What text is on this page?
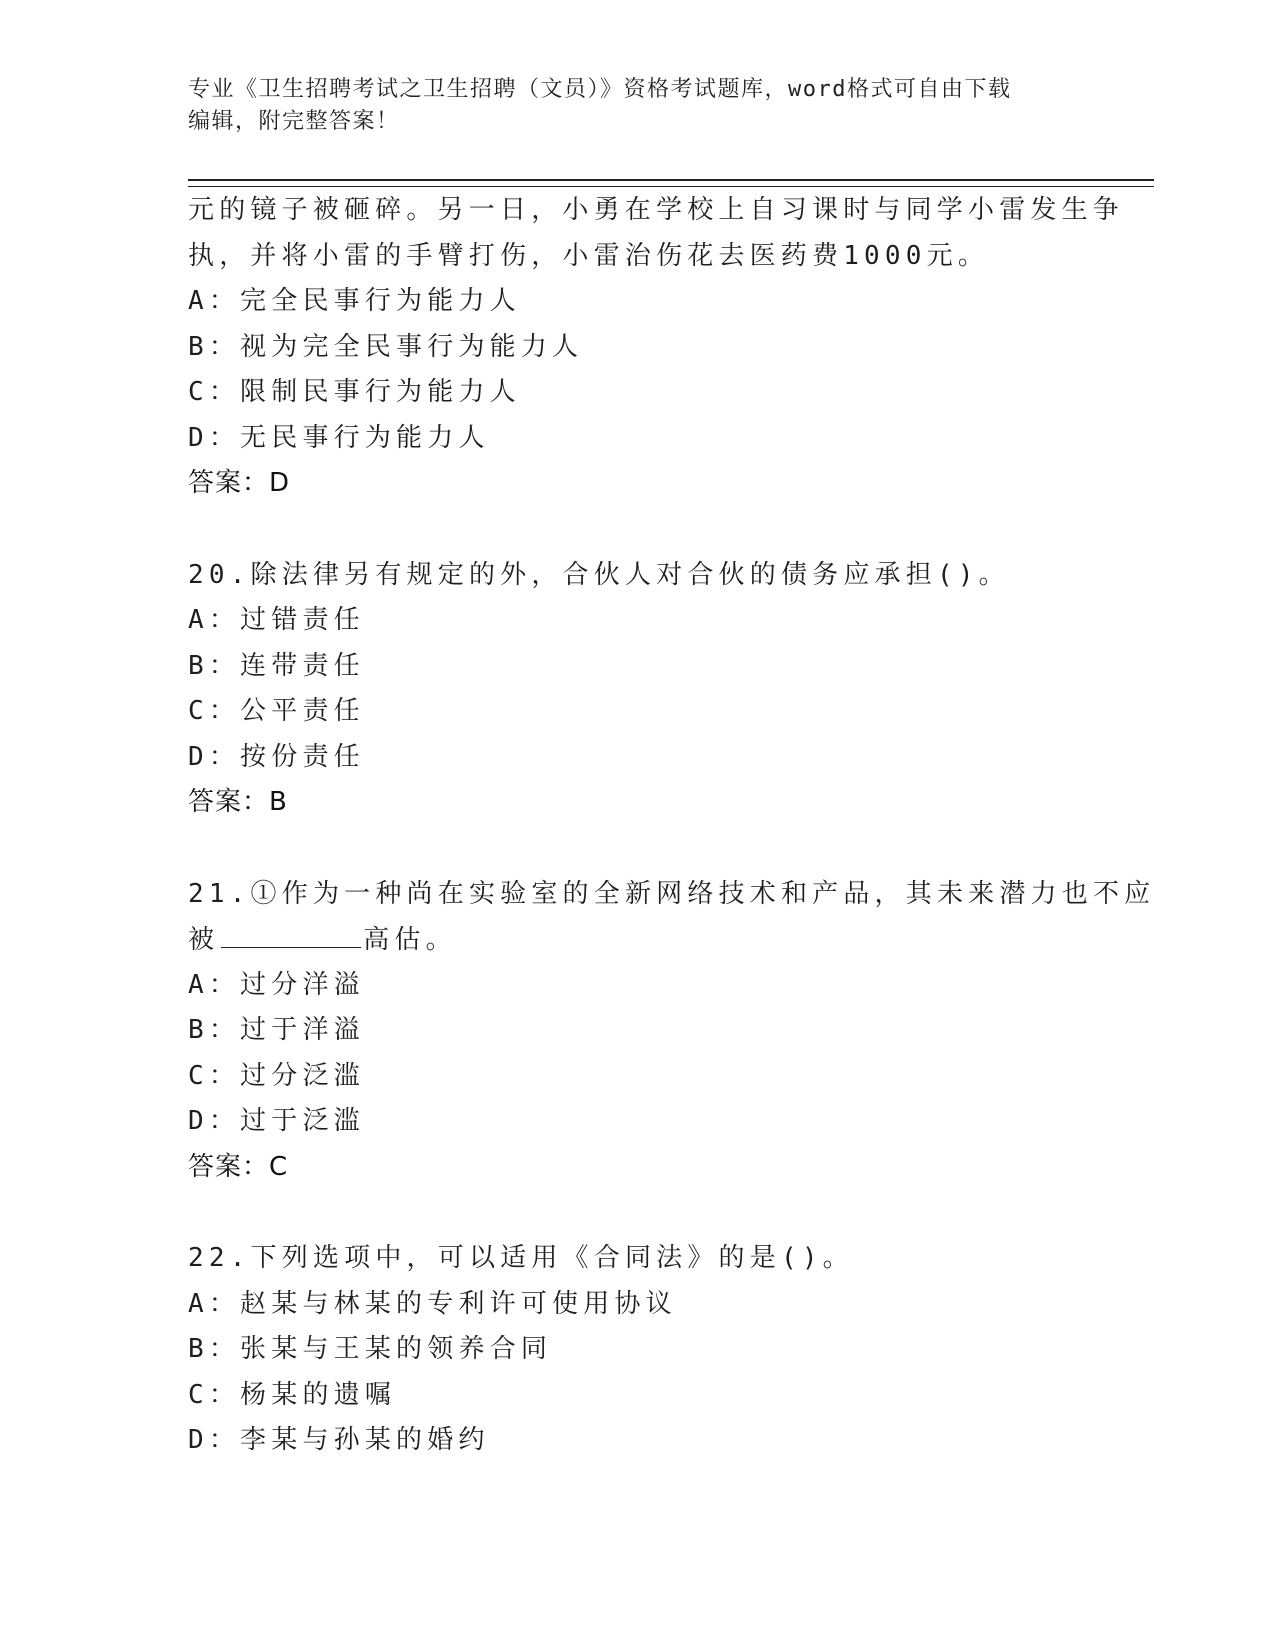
专业《卫生招聘考试之卫生招聘（文员）》资格考试题库，word格式可自由下载
编辑，附完整答案！
元的镜子被砸碎。另一日，小勇在学校上自习课时与同学小雷发生争
执，并将小雷的手臂打伤，小雷治伤花去医药费1000元。
A：完全民事行为能力人
B：视为完全民事行为能力人
C：限制民事行为能力人
D：无民事行为能力人
答案：D
20.除法律另有规定的外，合伙人对合伙的债务应承担()。
A：过错责任
B：连带责任
C：公平责任
D：按份责任
答案：B
21.①作为一种尚在实验室的全新网络技术和产品，其未来潜力也不应
被	高估。
A：过分洋溢
B：过于洋溢
C：过分泛滥
D：过于泛滥
答案：C
22.下列选项中，可以适用《合同法》的是()。
A：赵某与林某的专利许可使用协议
B：张某与王某的领养合同
C：杨某的遗嘱
D：李某与孙某的婚约
